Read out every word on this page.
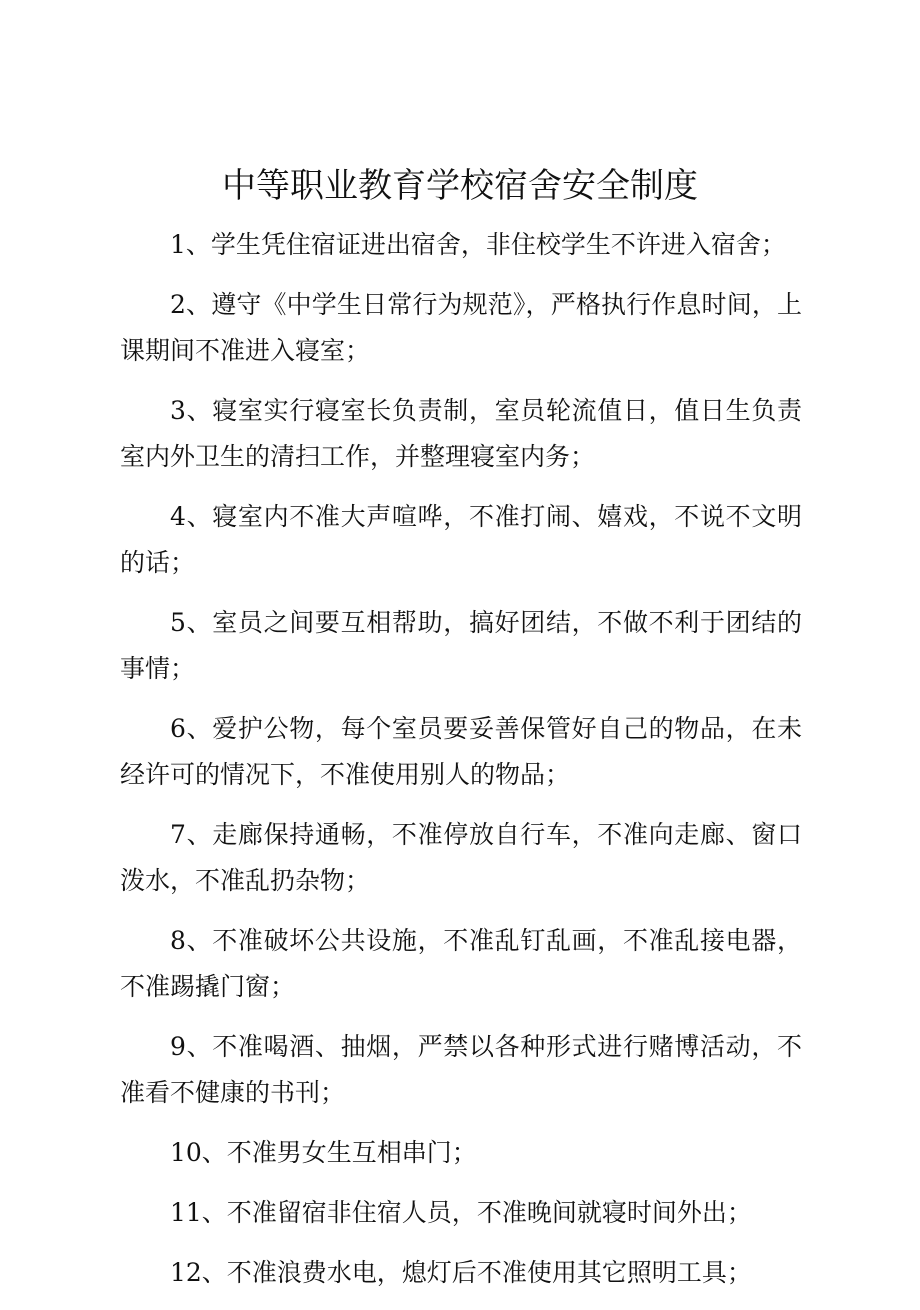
中等职业教育学校宿舍安全制度

1、学生凭住宿证进出宿舍，非住校学生不许进入宿舍；

2、遵守《中学生日常行为规范》，严格执行作息时间，上课期间不准进入寝室；

3、寝室实行寝室长负责制，室员轮流值日，值日生负责室内外卫生的清扫工作，并整理寝室内务；

4、寝室内不准大声喧哗，不准打闹、嬉戏，不说不文明的话；

5、室员之间要互相帮助，搞好团结，不做不利于团结的事情；

6、爱护公物，每个室员要妥善保管好自己的物品，在未经许可的情况下，不准使用别人的物品；

7、走廊保持通畅，不准停放自行车，不准向走廊、窗口泼水，不准乱扔杂物；

8、不准破坏公共设施，不准乱钉乱画，不准乱接电器，不准踢撬门窗；

9、不准喝酒、抽烟，严禁以各种形式进行赌博活动，不准看不健康的书刊；

10、不准男女生互相串门；

11、不准留宿非住宿人员，不准晚间就寝时间外出；

12、不准浪费水电，熄灯后不准使用其它照明工具；
